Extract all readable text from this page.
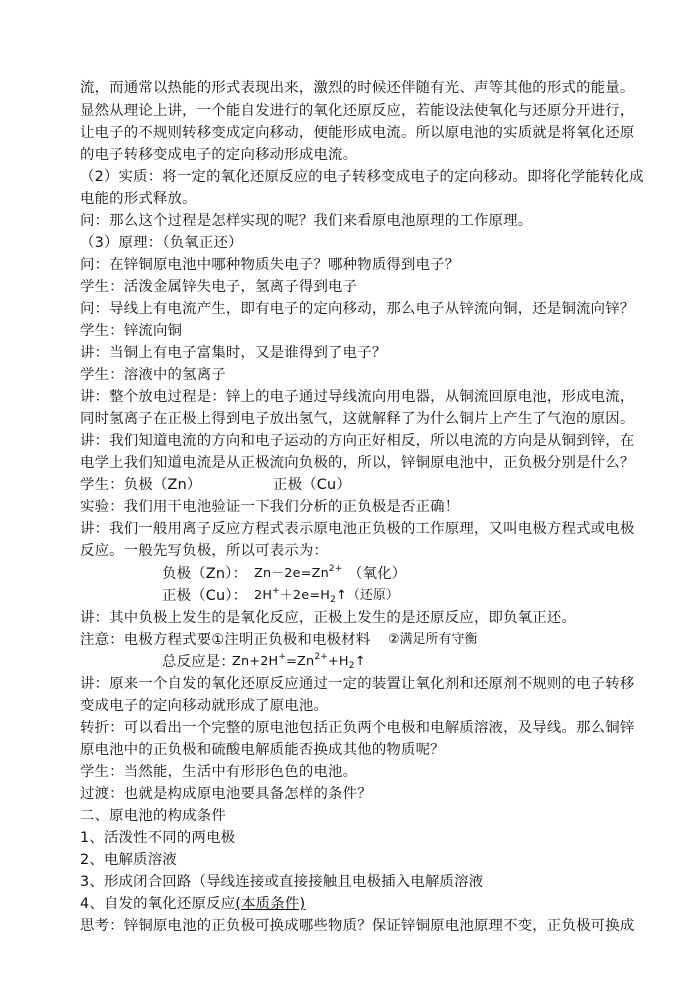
流，而通常以热能的形式表现出来，激烈的时候还伴随有光、声等其他的形式的能量。
显然从理论上讲，一个能自发进行的氧化还原反应，若能设法使氧化与还原分开进行，
让电子的不规则转移变成定向移动，便能形成电流。所以原电池的实质就是将氧化还原
的电子转移变成电子的定向移动形成电流。
（2）实质：将一定的氧化还原反应的电子转移变成电子的定向移动。即将化学能转化成
电能的形式释放。
问：那么这个过程是怎样实现的呢？我们来看原电池原理的工作原理。
（3）原理：（负氧正还）
问：在锌铜原电池中哪种物质失电子？哪种物质得到电子？
学生：活泼金属锌失电子，氢离子得到电子
问：导线上有电流产生，即有电子的定向移动，那么电子从锌流向铜，还是铜流向锌？
学生：锌流向铜
讲：当铜上有电子富集时，又是谁得到了电子？
学生：溶液中的氢离子
讲：整个放电过程是：锌上的电子通过导线流向用电器，从铜流回原电池，形成电流，
同时氢离子在正极上得到电子放出氢气，这就解释了为什么铜片上产生了气泡的原因。
讲：我们知道电流的方向和电子运动的方向正好相反，所以电流的方向是从铜到锌，在
电学上我们知道电流是从正极流向负极的，所以，锌铜原电池中，正负极分别是什么？
学生：负极（Zn）	正极（Cu）
实验：我们用干电池验证一下我们分析的正负极是否正确！
讲：我们一般用离子反应方程式表示原电池正负极的工作原理，又叫电极方程式或电极
反应。一般先写负极，所以可表示为：
负极（Zn）： $Zn-2e=Zn^{2+}$ （氧化）
正极（Cu）： $2H^++2e=H_2↑$（还原）
讲：其中负极上发生的是氧化反应，正极上发生的是还原反应，即负氧正还。
注意：电极方程式要①注明正负极和电极材料 ②满足所有守衡
总反应是：
$Zn+2H^+=Zn^{2+}+H_2↑$
讲：原来一个自发的氧化还原反应通过一定的装置让氧化剂和还原剂不规则的电子转移
变成电子的定向移动就形成了原电池。
转折：可以看出一个完整的原电池包括正负两个电极和电解质溶液，及导线。那么铜锌
原电池中的正负极和硫酸电解质能否换成其他的物质呢？
学生：当然能，生活中有形形色色的电池。
过渡：也就是构成原电池要具备怎样的条件？
二、原电池的构成条件
1、活泼性不同的两电极
2、电解质溶液
3、形成闭合回路（导线连接或直接接触且电极插入电解质溶液
4、自发的氧化还原反应(本质条件)
思考：锌铜原电池的正负极可换成哪些物质？保证锌铜原电池原理不变，正负极可换成
